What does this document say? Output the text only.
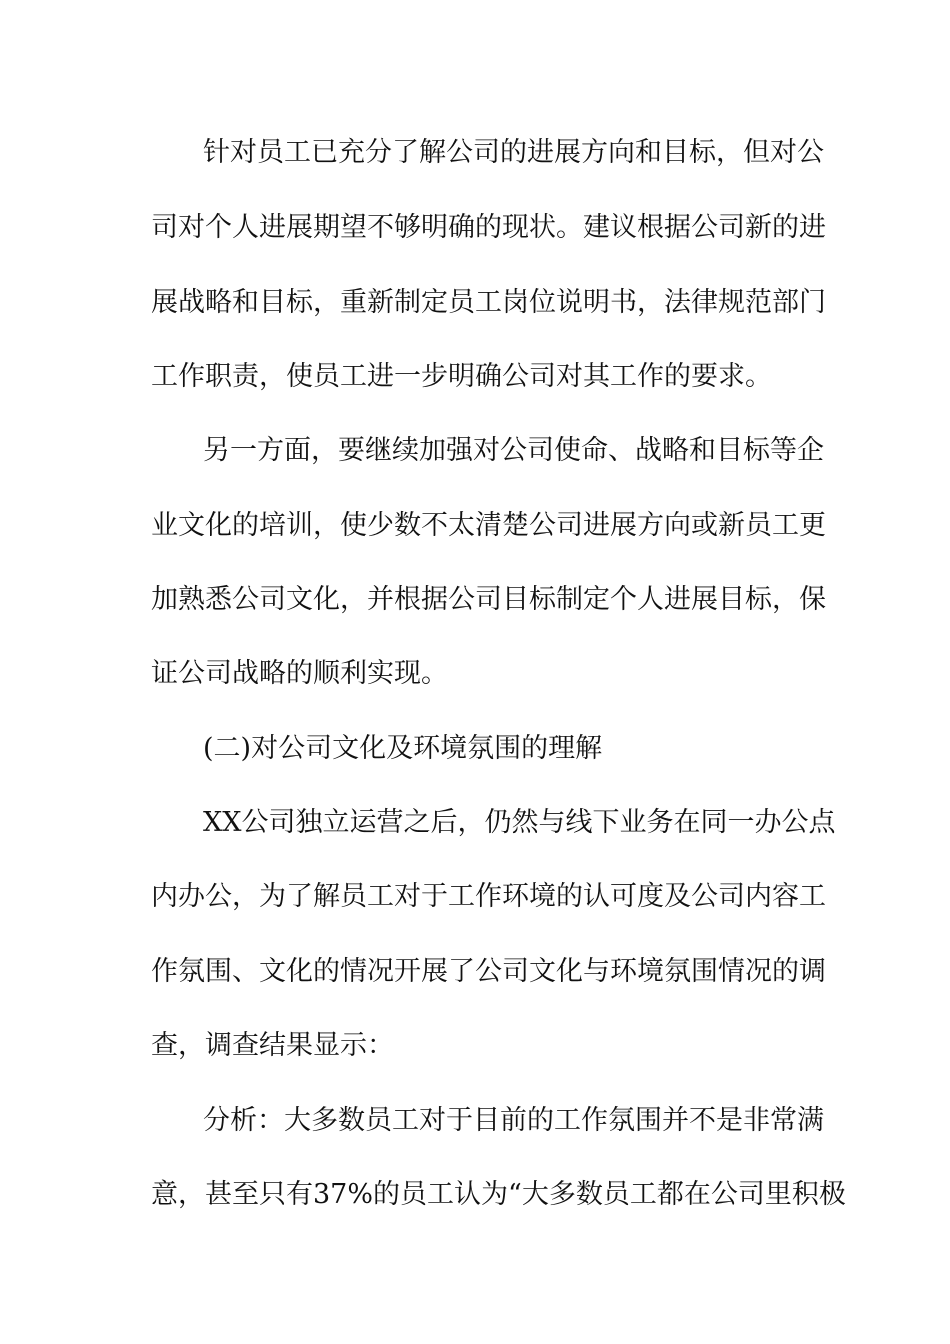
针对员工已充分了解公司的进展方向和目标，但对公
司对个人进展期望不够明确的现状。建议根据公司新的进
展战略和目标，重新制定员工岗位说明书，法律规范部门
工作职责，使员工进一步明确公司对其工作的要求。
另一方面，要继续加强对公司使命、战略和目标等企
业文化的培训，使少数不太清楚公司进展方向或新员工更
加熟悉公司文化，并根据公司目标制定个人进展目标，保
证公司战略的顺利实现。
(二)对公司文化及环境氛围的理解
XX公司独立运营之后，仍然与线下业务在同一办公点
内办公，为了解员工对于工作环境的认可度及公司内容工
作氛围、文化的情况开展了公司文化与环境氛围情况的调
查，调查结果显示：
分析：大多数员工对于目前的工作氛围并不是非常满
意，甚至只有37%的员工认为“大多数员工都在公司里积极
